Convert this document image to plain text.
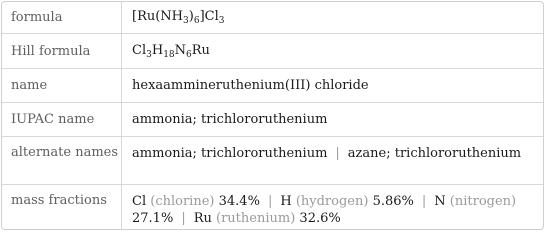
formula	$[Ru(NH_3)_6]Cl_3$
Hill formula	$Cl_3H_{18}N_6Ru$
name	hexaammineruthenium(III) chloride
IUPAC name	ammonia; trichlororuthenium
alternate names	ammonia; trichlororuthenium | azane; trichlororuthenium
mass fractions	Cl (chlorine) 34.4% | H (hydrogen) 5.86% | N (nitrogen) 27.1% | Ru (ruthenium) 32.6%
